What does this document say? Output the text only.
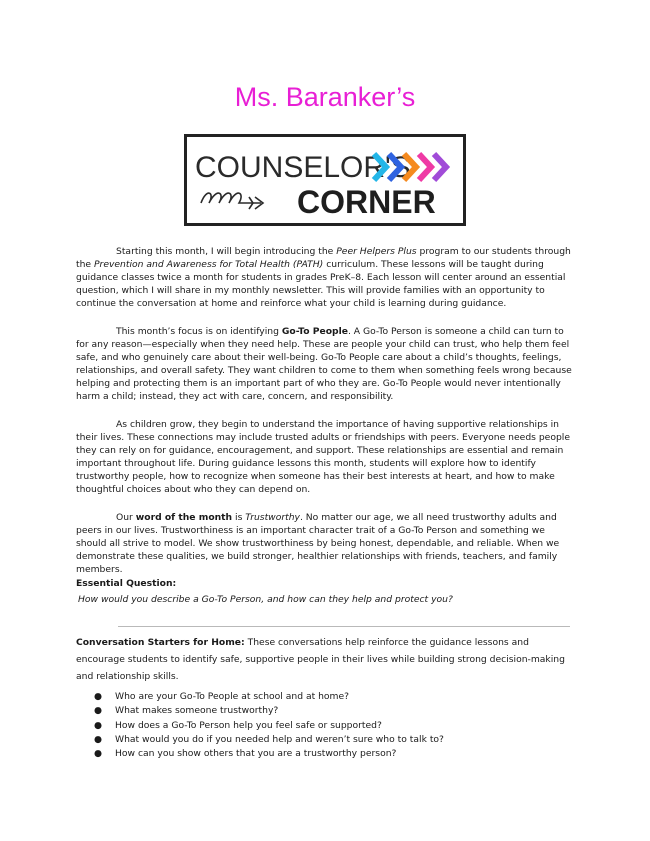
Ms. Baranker’s
COUNSELOR'S
CORNER

Starting this month, I will begin introducing the Peer Helpers Plus program to our students through the Prevention and Awareness for Total Health (PATH) curriculum. These lessons will be taught during guidance classes twice a month for students in grades PreK–8. Each lesson will center around an essential question, which I will share in my monthly newsletter. This will provide families with an opportunity to continue the conversation at home and reinforce what your child is learning during guidance.

This month’s focus is on identifying Go-To People. A Go-To Person is someone a child can turn to for any reason—especially when they need help. These are people your child can trust, who help them feel safe, and who genuinely care about their well-being. Go-To People care about a child’s thoughts, feelings, relationships, and overall safety. They want children to come to them when something feels wrong because helping and protecting them is an important part of who they are. Go-To People would never intentionally harm a child; instead, they act with care, concern, and responsibility.

As children grow, they begin to understand the importance of having supportive relationships in their lives. These connections may include trusted adults or friendships with peers. Everyone needs people they can rely on for guidance, encouragement, and support. These relationships are essential and remain important throughout life. During guidance lessons this month, students will explore how to identify trustworthy people, how to recognize when someone has their best interests at heart, and how to make thoughtful choices about who they can depend on.

Our word of the month is Trustworthy. No matter our age, we all need trustworthy adults and peers in our lives. Trustworthiness is an important character trait of a Go-To Person and something we should all strive to model. We show trustworthiness by being honest, dependable, and reliable. When we demonstrate these qualities, we build stronger, healthier relationships with friends, teachers, and family members.

Essential Question:
How would you describe a Go-To Person, and how can they help and protect you?

Conversation Starters for Home: These conversations help reinforce the guidance lessons and encourage students to identify safe, supportive people in their lives while building strong decision-making and relationship skills.

● Who are your Go-To People at school and at home?
● What makes someone trustworthy?
● How does a Go-To Person help you feel safe or supported?
● What would you do if you needed help and weren’t sure who to talk to?
● How can you show others that you are a trustworthy person?
